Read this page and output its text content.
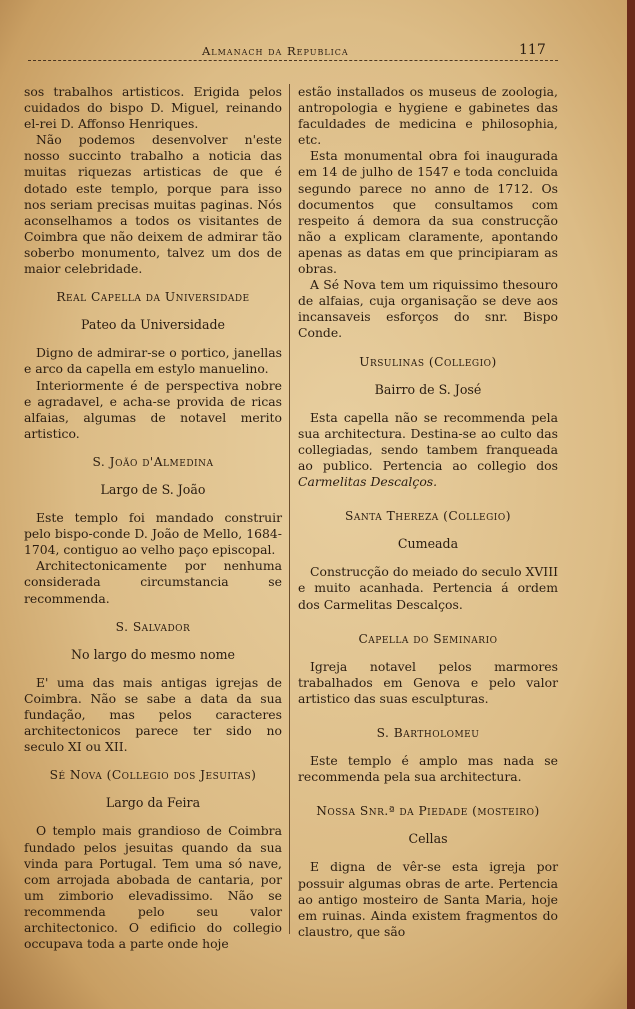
Almanach da Republica	117

sos trabalhos artisticos. Erigida pelos cuidados do bispo D. Miguel, reinando el-rei D. Affonso Henriques.

Não podemos desenvolver n'este nosso succinto trabalho a noticia das muitas riquezas artisticas de que é dotado este templo, porque para isso nos seriam precisas muitas paginas. Nós aconselhamos a todos os visitantes de Coimbra que não deixem de admirar tão soberbo monumento, talvez um dos de maior celebridade.

Real Capella da Universidade

Pateo da Universidade

Digno de admirar-se o portico, janellas e arco da capella em estylo manuelino.

Interiormente é de perspectiva nobre e agradavel, e acha-se provida de ricas alfaias, algumas de notavel merito artistico.

S. João d'Almedina

Largo de S. João

Este templo foi mandado construir pelo bispo-conde D. João de Mello, 1684-1704, contiguo ao velho paço episcopal.

Architectonicamente por nenhuma considerada circumstancia se recommenda.

S. Salvador

No largo do mesmo nome

E' uma das mais antigas igrejas de Coimbra. Não se sabe a data da sua fundação, mas pelos caracteres architectonicos parece ter sido no seculo XI ou XII.

Sé Nova (Collegio dos Jesuitas)

Largo da Feira

O templo mais grandioso de Coimbra fundado pelos jesuitas quando da sua vinda para Portugal. Tem uma só nave, com arrojada abobada de cantaria, por um zimborio elevadissimo. Não se recommenda pelo seu valor architectonico. O edificio do collegio occupava toda a parte onde hoje

estão installados os museus de zoologia, antropologia e hygiene e gabinetes das faculdades de medicina e philosophia, etc.

Esta monumental obra foi inaugurada em 14 de julho de 1547 e toda concluida segundo parece no anno de 1712. Os documentos que consultamos com respeito á demora da sua construcção não a explicam claramente, apontando apenas as datas em que principiaram as obras.

A Sé Nova tem um riquissimo thesouro de alfaias, cuja organisação se deve aos incansaveis esforços do snr. Bispo Conde.

Ursulinas (Collegio)

Bairro de S. José

Esta capella não se recommenda pela sua architectura. Destina-se ao culto das collegiadas, sendo tambem franqueada ao publico. Pertencia ao collegio dos Carmelitas Descalços.

Santa Thereza (Collegio)

Cumeada

Construcção do meiado do seculo XVIII e muito acanhada. Pertencia á ordem dos Carmelitas Descalços.

Capella do Seminario

Igreja notavel pelos marmores trabalhados em Genova e pelo valor artistico das suas esculpturas.

S. Bartholomeu

Este templo é amplo mas nada se recommenda pela sua architectura.

Nossa Snr.ª da Piedade (mosteiro)

Cellas

E digna de vêr-se esta igreja por possuir algumas obras de arte. Pertencia ao antigo mosteiro de Santa Maria, hoje em ruinas. Ainda existem fragmentos do claustro, que são
